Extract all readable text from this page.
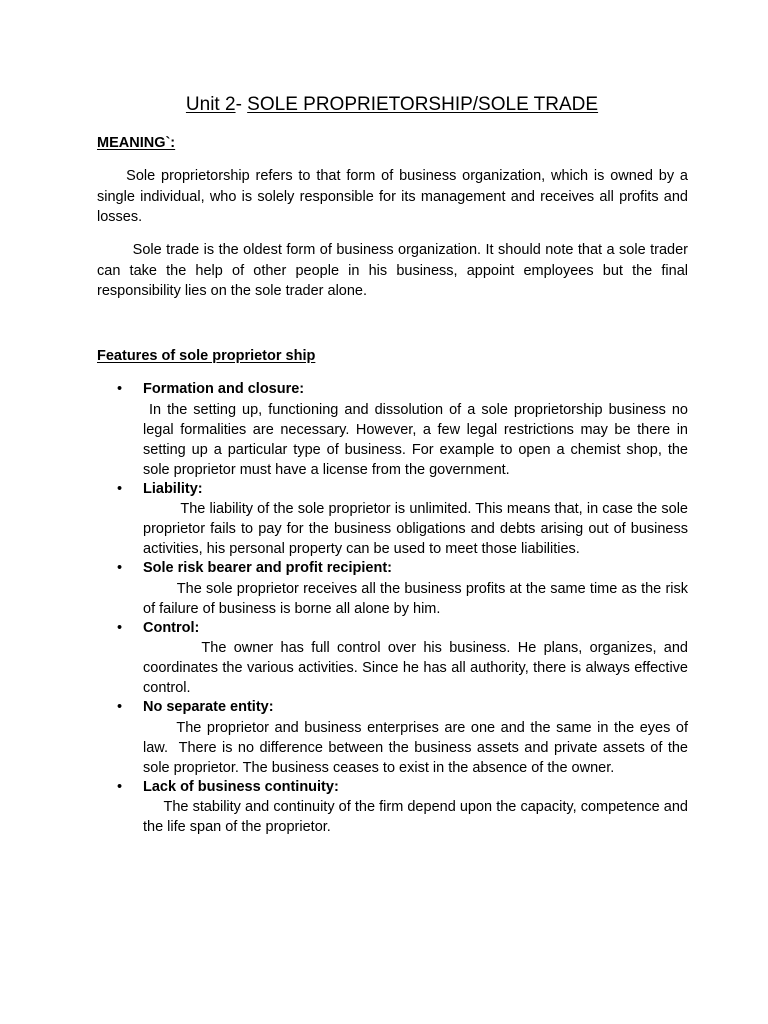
Unit 2- SOLE PROPRIETORSHIP/SOLE TRADE
MEANING`:

Sole proprietorship refers to that form of business organization, which is owned by a single individual, who is solely responsible for its management and receives all profits and losses.

Sole trade is the oldest form of business organization. It should note that a sole trader can take the help of other people in his business, appoint employees but the final responsibility lies on the sole trader alone.

Features of sole proprietor ship
• Formation and closure:
In the setting up, functioning and dissolution of a sole proprietorship business no legal formalities are necessary. However, a few legal restrictions may be there in setting up a particular type of business. For example to open a chemist shop, the sole proprietor must have a license from the government.
• Liability:
The liability of the sole proprietor is unlimited. This means that, in case the sole proprietor fails to pay for the business obligations and debts arising out of business activities, his personal property can be used to meet those liabilities.
• Sole risk bearer and profit recipient:
The sole proprietor receives all the business profits at the same time as the risk of failure of business is borne all alone by him.
• Control:
The owner has full control over his business. He plans, organizes, and coordinates the various activities. Since he has all authority, there is always effective control.
• No separate entity:
The proprietor and business enterprises are one and the same in the eyes of law.  There is no difference between the business assets and private assets of the sole proprietor. The business ceases to exist in the absence of the owner.
• Lack of business continuity:
The stability and continuity of the firm depend upon the capacity, competence and the life span of the proprietor.
